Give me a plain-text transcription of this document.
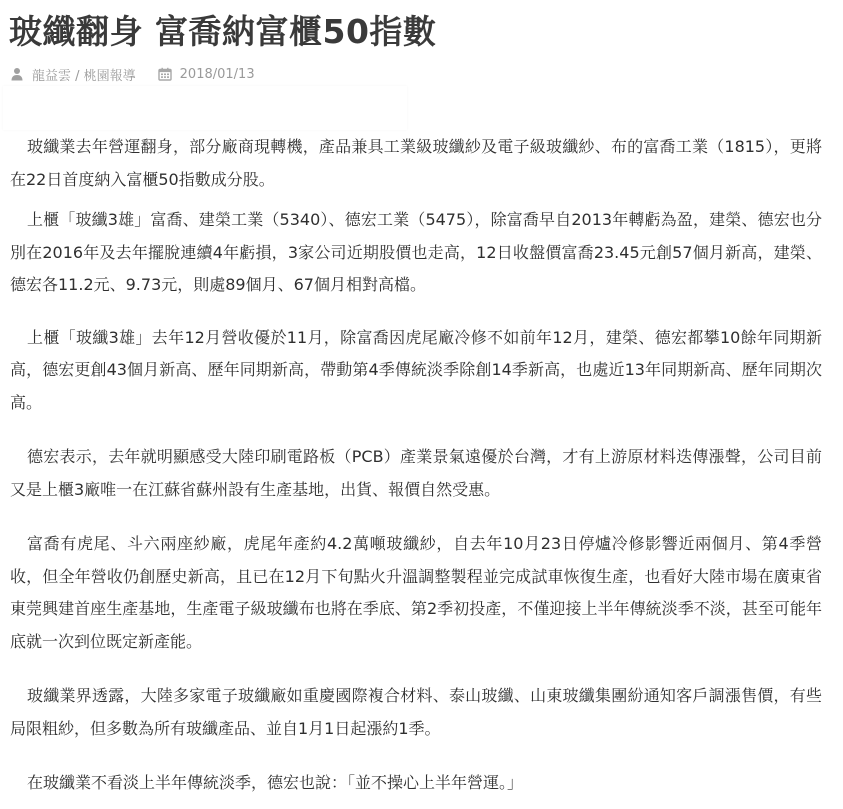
玻纖翻身 富喬納富櫃50指數
龍益雲 / 桃園報導	2018/01/13

玻纖業去年營運翻身，部分廠商現轉機，產品兼具工業級玻纖紗及電子級玻纖紗、布的富喬工業（1815），更將在22日首度納入富櫃50指數成分股。

上櫃「玻纖3雄」富喬、建榮工業（5340）、德宏工業（5475），除富喬早自2013年轉虧為盈，建榮、德宏也分別在2016年及去年擺脫連續4年虧損，3家公司近期股價也走高，12日收盤價富喬23.45元創57個月新高，建榮、德宏各11.2元、9.73元，則處89個月、67個月相對高檔。

上櫃「玻纖3雄」去年12月營收優於11月，除富喬因虎尾廠冷修不如前年12月，建榮、德宏都攀10餘年同期新高，德宏更創43個月新高、歷年同期新高，帶動第4季傳統淡季除創14季新高，也處近13年同期新高、歷年同期次高。

德宏表示，去年就明顯感受大陸印刷電路板（PCB）產業景氣遠優於台灣，才有上游原材料迭傳漲聲，公司目前又是上櫃3廠唯一在江蘇省蘇州設有生產基地，出貨、報價自然受惠。

富喬有虎尾、斗六兩座紗廠，虎尾年產約4.2萬噸玻纖紗，自去年10月23日停爐冷修影響近兩個月、第4季營收，但全年營收仍創歷史新高，且已在12月下旬點火升溫調整製程並完成試車恢復生產，也看好大陸市場在廣東省東莞興建首座生產基地，生產電子級玻纖布也將在季底、第2季初投產，不僅迎接上半年傳統淡季不淡，甚至可能年底就一次到位既定新產能。

玻纖業界透露，大陸多家電子玻纖廠如重慶國際複合材料、泰山玻纖、山東玻纖集團紛通知客戶調漲售價，有些局限粗紗，但多數為所有玻纖產品、並自1月1日起漲約1季。

在玻纖業不看淡上半年傳統淡季，德宏也說：「並不操心上半年營運。」
